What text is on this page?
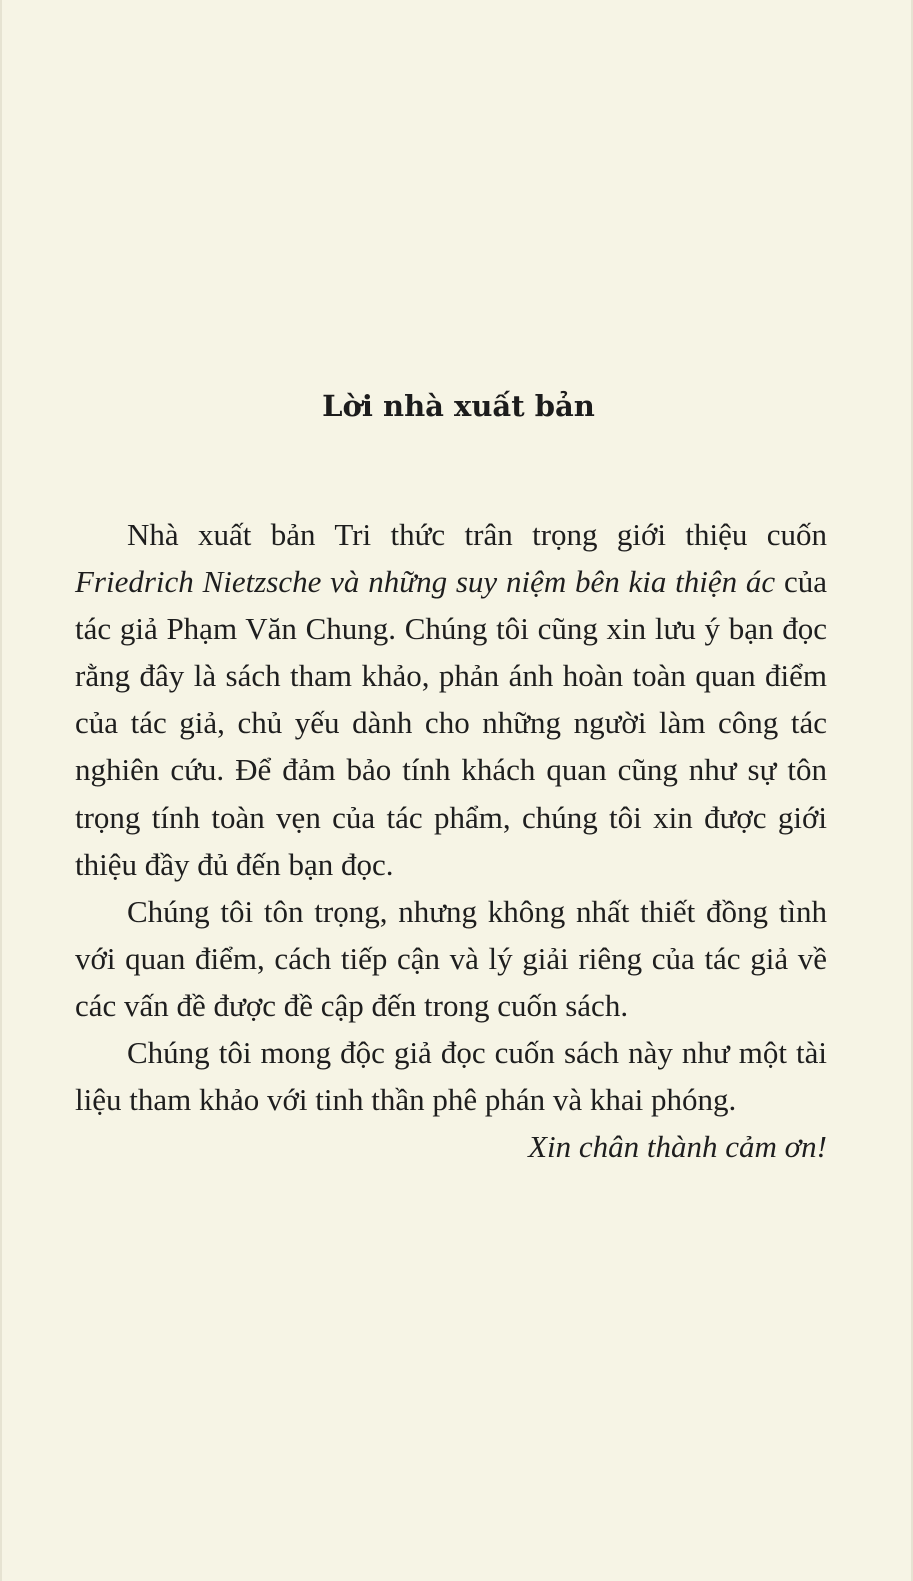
Lời nhà xuất bản

Nhà xuất bản Tri thức trân trọng giới thiệu cuốn Friedrich Nietzsche và những suy niệm bên kia thiện ác của tác giả Phạm Văn Chung. Chúng tôi cũng xin lưu ý bạn đọc rằng đây là sách tham khảo, phản ánh hoàn toàn quan điểm của tác giả, chủ yếu dành cho những người làm công tác nghiên cứu. Để đảm bảo tính khách quan cũng như sự tôn trọng tính toàn vẹn của tác phẩm, chúng tôi xin được giới thiệu đầy đủ đến bạn đọc.

Chúng tôi tôn trọng, nhưng không nhất thiết đồng tình với quan điểm, cách tiếp cận và lý giải riêng của tác giả về các vấn đề được đề cập đến trong cuốn sách.

Chúng tôi mong độc giả đọc cuốn sách này như một tài liệu tham khảo với tinh thần phê phán và khai phóng.

Xin chân thành cảm ơn!
